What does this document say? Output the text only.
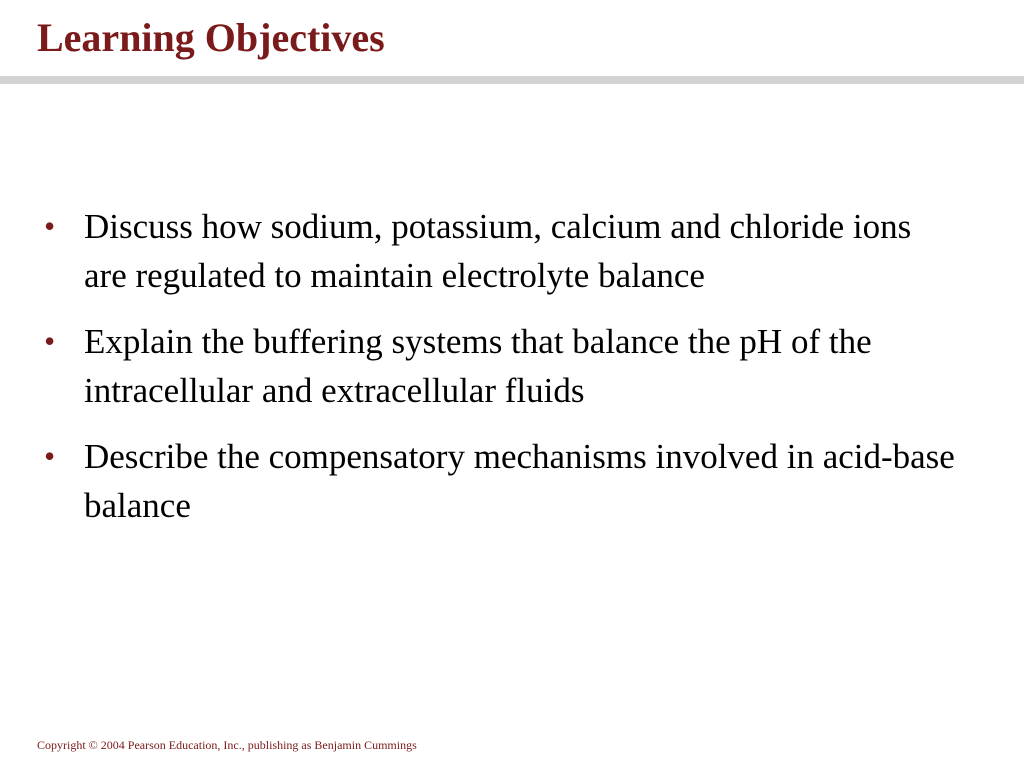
Learning Objectives
• Discuss how sodium, potassium, calcium and chloride ions are regulated to maintain electrolyte balance
• Explain the buffering systems that balance the pH of the intracellular and extracellular fluids
• Describe the compensatory mechanisms involved in acid-base balance
Copyright © 2004 Pearson Education, Inc., publishing as Benjamin Cummings
